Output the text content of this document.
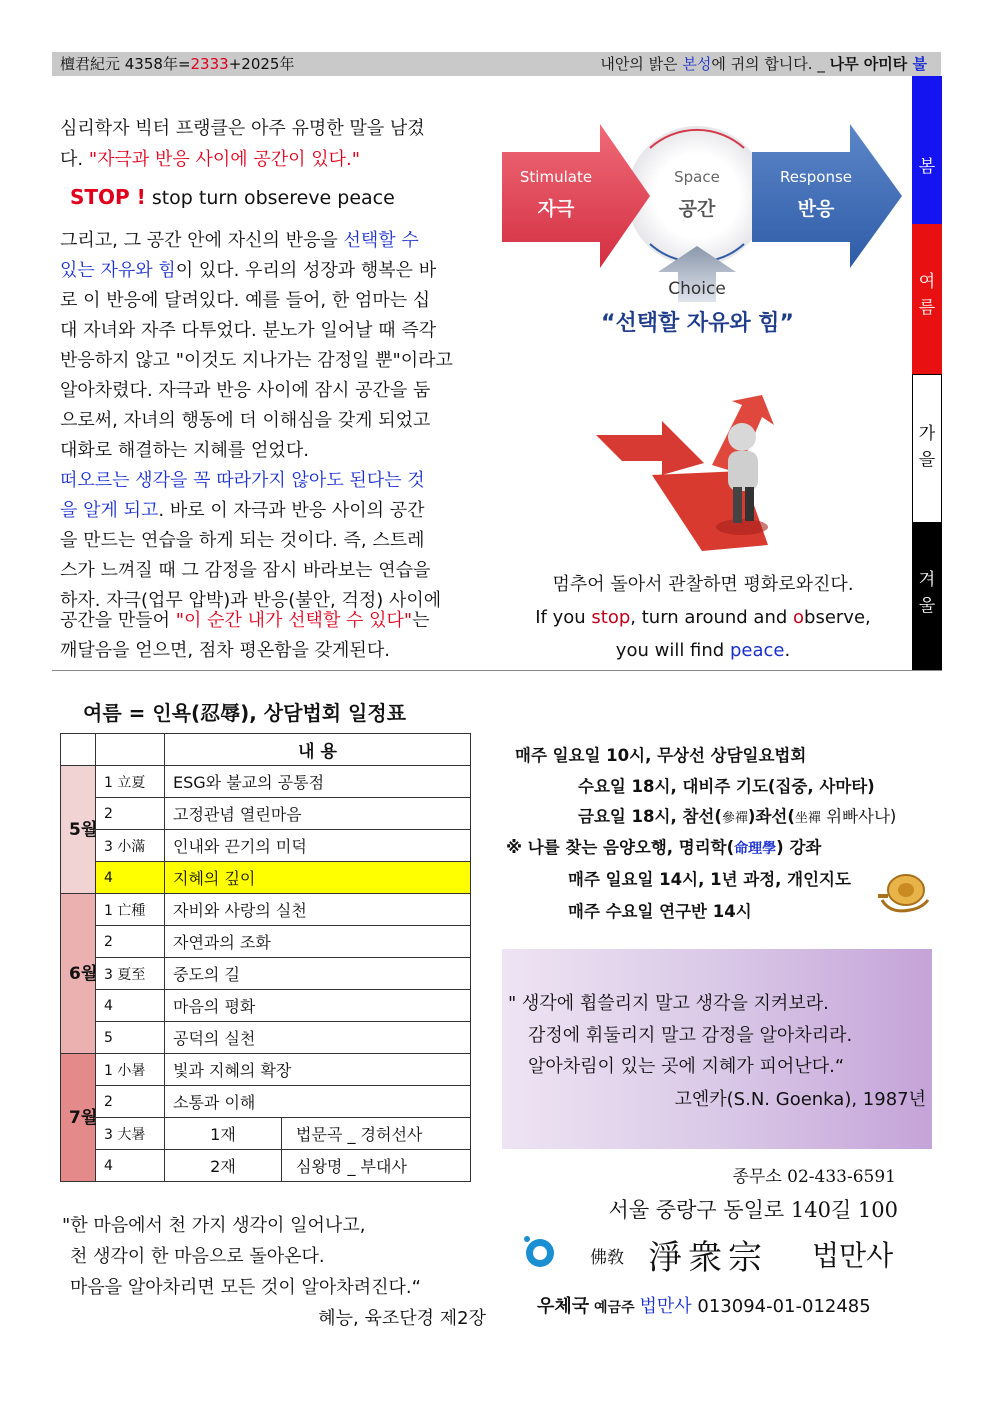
檀君紀元 4358年=2333+2025年	내안의 밝은 본성에 귀의 합니다. _ 나무 아미타 불
봄
여름
가을
겨울
심리학자 빅터 프랭클은 아주 유명한 말을 남겼
다. "자극과 반응 사이에 공간이 있다."
STOP ! stop turn obsereve peace
그리고, 그 공간 안에 자신의 반응을 선택할 수
있는 자유와 힘이 있다. 우리의 성장과 행복은 바
로 이 반응에 달려있다. 예를 들어, 한 엄마는 십
대 자녀와 자주 다투었다. 분노가 일어날 때 즉각
반응하지 않고 "이것도 지나가는 감정일 뿐"이라고
알아차렸다. 자극과 반응 사이에 잠시 공간을 둠
으로써, 자녀의 행동에 더 이해심을 갖게 되었고
대화로 해결하는 지혜를 얻었다.
떠오르는 생각을 꼭 따라가지 않아도 된다는 것
을 알게 되고. 바로 이 자극과 반응 사이의 공간
을 만드는 연습을 하게 되는 것이다. 즉, 스트레
스가 느껴질 때 그 감정을 잠시 바라보는 연습을
하자. 자극(업무 압박)과 반응(불안, 걱정) 사이에
공간을 만들어 "이 순간 내가 선택할 수 있다"는
깨달음을 얻으면, 점차 평온함을 갖게된다.
Stimulate
자극
Space
공간
Response
반응
Choice
“선택할 자유와 힘”
멈추어 돌아서 관찰하면 평화로와진다.
If you stop, turn around and observe,
you will find peace.
여름 = 인욕(忍辱), 상담법회 일정표
		내 용	
5월	1 立夏	ESG와 불교의 공통점	
	2	고정관념 열린마음	
	3 小滿	인내와 끈기의 미덕	
	4	지혜의 깊이	
6월	1 亡種	자비와 사랑의 실천	
	2	자연과의 조화	
	3 夏至	중도의 길	
	4	마음의 평화	
	5	공덕의 실천	
7월	1 小暑	빛과 지혜의 확장	
	2	소통과 이해	
	3 大暑	1재	법문곡 _ 경허선사
	4	2재	심왕명 _ 부대사
매주 일요일 10시, 무상선 상담일요법회
수요일 18시, 대비주 기도(집중, 사마타)
금요일 18시, 참선(參禪)좌선(坐禪 위빠사나)
※ 나를 찾는 음양오행, 명리학(命理學) 강좌
매주 일요일 14시, 1년 과정, 개인지도
매주 수요일 연구반 14시
" 생각에 휩쓸리지 말고 생각을 지켜보라.
감정에 휘둘리지 말고 감정을 알아차리라.
알아차림이 있는 곳에 지혜가 피어난다.“
고엔카(S.N. Goenka), 1987년
"한 마음에서 천 가지 생각이 일어나고,
천 생각이 한 마음으로 돌아온다.
마음을 알아차리면 모든 것이 알아차려진다.“
혜능, 육조단경 제2장
종무소 02-433-6591
서울 중랑구 동일로 140길 100
佛敎 淨衆宗 법만사
우체국 예금주 법만사 013094-01-012485
